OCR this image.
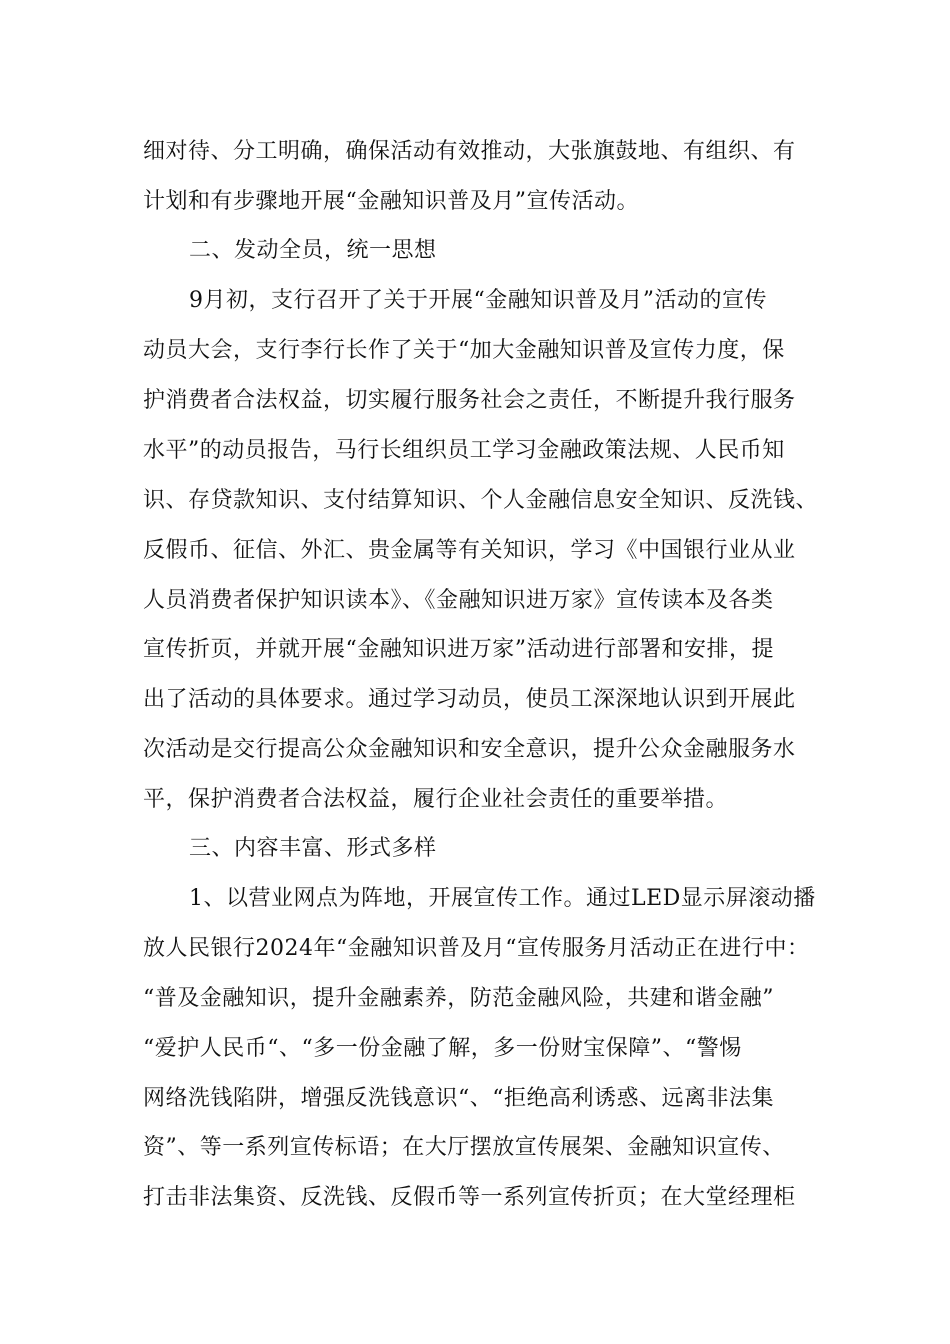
细对待、分工明确，确保活动有效推动，大张旗鼓地、有组织、有
计划和有步骤地开展“金融知识普及月”宣传活动。
二、发动全员，统一思想
9月初，支行召开了关于开展“金融知识普及月”活动的宣传
动员大会，支行李行长作了关于“加大金融知识普及宣传力度，保
护消费者合法权益，切实履行服务社会之责任，不断提升我行服务
水平”的动员报告，马行长组织员工学习金融政策法规、人民币知
识、存贷款知识、支付结算知识、个人金融信息安全知识、反洗钱、
反假币、征信、外汇、贵金属等有关知识，学习《中国银行业从业
人员消费者保护知识读本》、《金融知识进万家》宣传读本及各类
宣传折页，并就开展“金融知识进万家”活动进行部署和安排，提
出了活动的具体要求。通过学习动员，使员工深深地认识到开展此
次活动是交行提高公众金融知识和安全意识，提升公众金融服务水
平，保护消费者合法权益，履行企业社会责任的重要举措。
三、内容丰富、形式多样
1、以营业网点为阵地，开展宣传工作。通过LED显示屏滚动播
放人民银行2024年“金融知识普及月“宣传服务月活动正在进行中：
“普及金融知识，提升金融素养，防范金融风险，共建和谐金融”
“爱护人民币“、“多一份金融了解，多一份财宝保障”、“警惕
网络洗钱陷阱，增强反洗钱意识“、“拒绝高利诱惑、远离非法集
资”、等一系列宣传标语；在大厅摆放宣传展架、金融知识宣传、
打击非法集资、反洗钱、反假币等一系列宣传折页；在大堂经理柜
